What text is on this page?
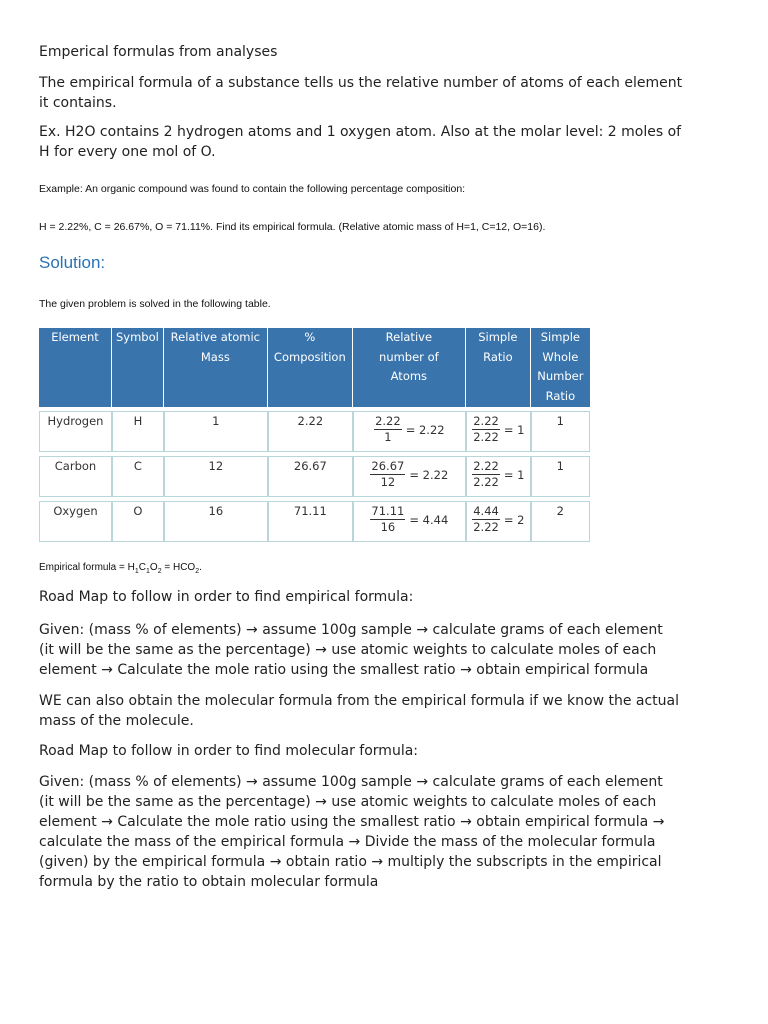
Emperical formulas from analyses
The empirical formula of a substance tells us the relative number of atoms of each element it contains.
Ex. H2O contains 2 hydrogen atoms and 1 oxygen atom. Also at the molar level: 2 moles of H for every one mol of O.
Example: An organic compound was found to contain the following percentage composition:
H = 2.22%, C = 26.67%, O = 71.11%. Find its empirical formula. (Relative atomic mass of H=1, C=12, O=16).
Solution:
The given problem is solved in the following table.
Element	Symbol	Relative atomic Mass	% Composition	Relative number of Atoms	Simple Ratio	Simple Whole Number Ratio

Hydrogen	H	1	2.22	$\frac{2.22}{1} = 2.22$	$\frac{2.22}{2.22} = 1$	1

Carbon	C	12	26.67	$\frac{26.67}{12} = 2.22$	$\frac{2.22}{2.22} = 1$	1

Oxygen	O	16	71.11	$\frac{71.11}{16} = 4.44$	$\frac{4.44}{2.22} = 2$	2
Empirical formula = $H_1C_1O_2 = HCO_2$.
Road Map to follow in order to find empirical formula:
Given: (mass % of elements) → assume 100g sample → calculate grams of each element (it will be the same as the percentage) → use atomic weights to calculate moles of each element → Calculate the mole ratio using the smallest ratio → obtain empirical formula
WE can also obtain the molecular formula from the empirical formula if we know the actual mass of the molecule.
Road Map to follow in order to find molecular formula:
Given: (mass % of elements) → assume 100g sample → calculate grams of each element (it will be the same as the percentage) → use atomic weights to calculate moles of each element → Calculate the mole ratio using the smallest ratio → obtain empirical formula → calculate the mass of the empirical formula → Divide the mass of the molecular formula (given) by the empirical formula → obtain ratio → multiply the subscripts in the empirical formula by the ratio to obtain molecular formula
